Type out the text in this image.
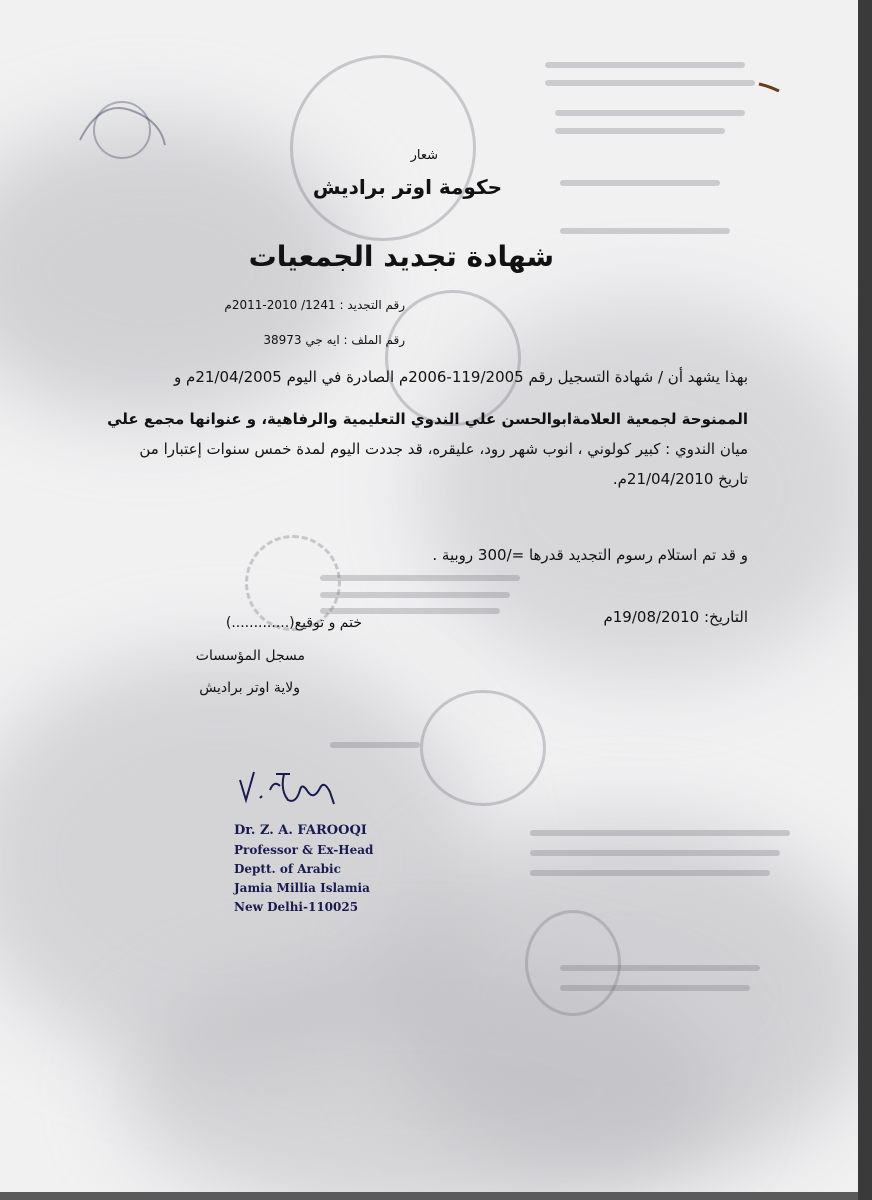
شعار
حكومة اوتر براديش
شهادة تجديد الجمعيات
رقم التجديد : 1241/ 2010-2011م
رقم الملف : ايه جي 38973
بهذا يشهد أن / شهادة التسجيل رقم 119/2005-2006م الصادرة في اليوم 21/04/2005م و
الممنوحة لجمعية العلامةابوالحسن علي الندوي التعليمية والرفاهية، و عنوانها مجمع علي
ميان الندوي : كبير كولوني ، انوب شهر رود، عليقره، قد جددت اليوم لمدة خمس سنوات إعتبارا من
تاريخ 21/04/2010م.
و قد تم استلام رسوم التجديد قدرها =/300 روبية .
التاريخ: 19/08/2010م
ختم و توقيع(.............)
مسجل المؤسسات
ولاية اوتر براديش
Dr. Z. A. FAROOQI
Professor & Ex-Head
Deptt. of Arabic
Jamia Millia Islamia
New Delhi-110025
